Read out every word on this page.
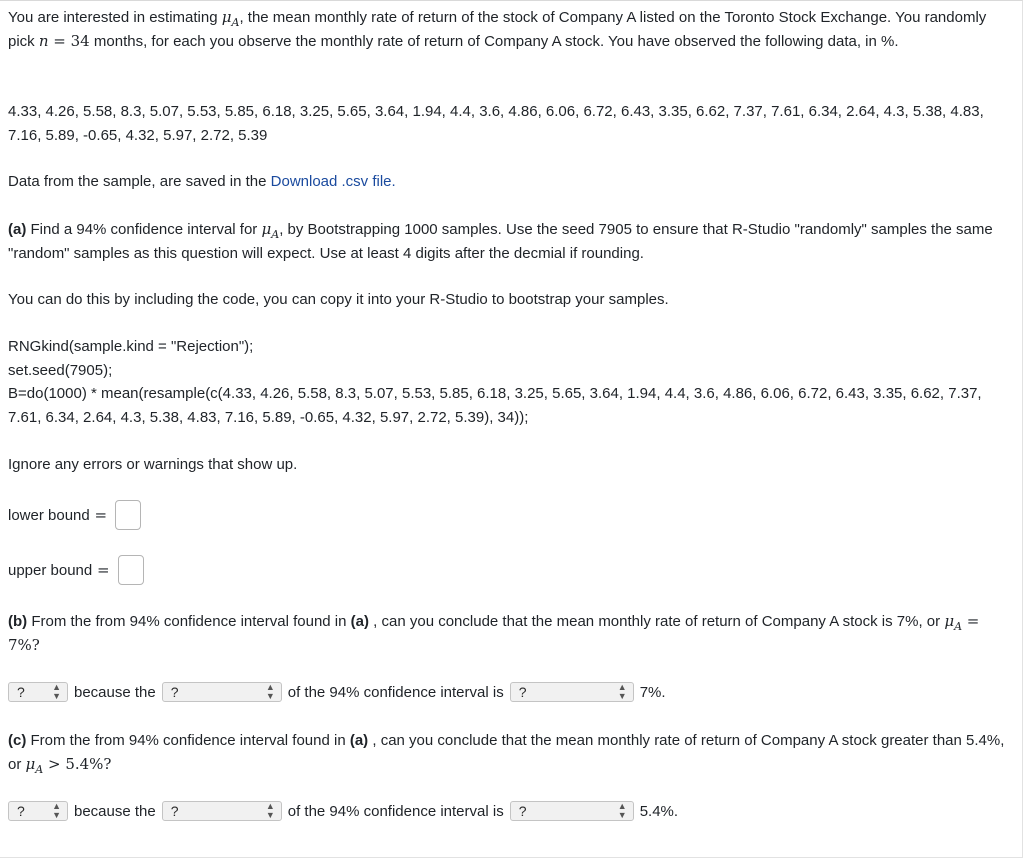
You are interested in estimating $\mu_A$, the mean monthly rate of return of the stock of Company A listed on the Toronto Stock Exchange. You randomly pick n = 34 months, for each you observe the monthly rate of return of Company A stock. You have observed the following data, in %.
4.33, 4.26, 5.58, 8.3, 5.07, 5.53, 5.85, 6.18, 3.25, 5.65, 3.64, 1.94, 4.4, 3.6, 4.86, 6.06, 6.72, 6.43, 3.35, 6.62, 7.37, 7.61, 6.34, 2.64, 4.3, 5.38, 4.83, 7.16, 5.89, -0.65, 4.32, 5.97, 2.72, 5.39
Data from the sample, are saved in the Download .csv file.
(a) Find a 94% confidence interval for $\mu_A$, by Bootstrapping 1000 samples. Use the seed 7905 to ensure that R-Studio "randomly" samples the same "random" samples as this question will expect. Use at least 4 digits after the decmial if rounding.
You can do this by including the code, you can copy it into your R-Studio to bootstrap your samples.
RNGkind(sample.kind = "Rejection");
set.seed(7905);
B=do(1000) * mean(resample(c(4.33, 4.26, 5.58, 8.3, 5.07, 5.53, 5.85, 6.18, 3.25, 5.65, 3.64, 1.94, 4.4, 3.6, 4.86, 6.06, 6.72, 6.43, 3.35, 6.62, 7.37, 7.61, 6.34, 2.64, 4.3, 5.38, 4.83, 7.16, 5.89, -0.65, 4.32, 5.97, 2.72, 5.39), 34));
Ignore any errors or warnings that show up.
lower bound =
upper bound =
(b) From the from 94% confidence interval found in (a) , can you conclude that the mean monthly rate of return of Company A stock is 7%, or $\mu_A = 7\%$?
?	▲
▼ because the ?	▲
▼ of the 94% confidence interval is ?	▲
▼ 7%.
(c) From the from 94% confidence interval found in (a) , can you conclude that the mean monthly rate of return of Company A stock greater than 5.4%, or $\mu_A > 5.4\%$?
?	▲
▼ because the ?	▲
▼ of the 94% confidence interval is ?	▲
▼ 5.4%.
